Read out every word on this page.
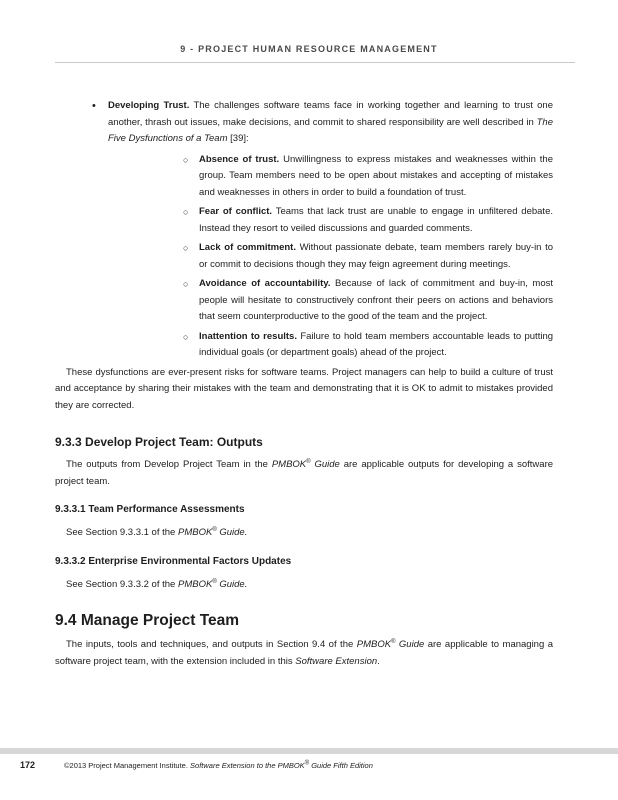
9 - PROJECT HUMAN RESOURCE MANAGEMENT
• Developing Trust. The challenges software teams face in working together and learning to trust one another, thrash out issues, make decisions, and commit to shared responsibility are well described in The Five Dysfunctions of a Team [39]:
○ Absence of trust. Unwillingness to express mistakes and weaknesses within the group. Team members need to be open about mistakes and accepting of mistakes and weaknesses in others in order to build a foundation of trust.
○ Fear of conflict. Teams that lack trust are unable to engage in unfiltered debate. Instead they resort to veiled discussions and guarded comments.
○ Lack of commitment. Without passionate debate, team members rarely buy-in to or commit to decisions though they may feign agreement during meetings.
○ Avoidance of accountability. Because of lack of commitment and buy-in, most people will hesitate to constructively confront their peers on actions and behaviors that seem counterproductive to the good of the team and the project.
○ Inattention to results. Failure to hold team members accountable leads to putting individual goals (or department goals) ahead of the project.

These dysfunctions are ever-present risks for software teams. Project managers can help to build a culture of trust and acceptance by sharing their mistakes with the team and demonstrating that it is OK to admit to mistakes provided they are corrected.

9.3.3 Develop Project Team: Outputs

The outputs from Develop Project Team in the PMBOK® Guide are applicable outputs for developing a software project team.

9.3.3.1 Team Performance Assessments

See Section 9.3.3.1 of the PMBOK® Guide.

9.3.3.2 Enterprise Environmental Factors Updates

See Section 9.3.3.2 of the PMBOK® Guide.

9.4 Manage Project Team

The inputs, tools and techniques, and outputs in Section 9.4 of the PMBOK® Guide are applicable to managing a software project team, with the extension included in this Software Extension.

172	©2013 Project Management Institute. Software Extension to the PMBOK® Guide Fifth Edition
